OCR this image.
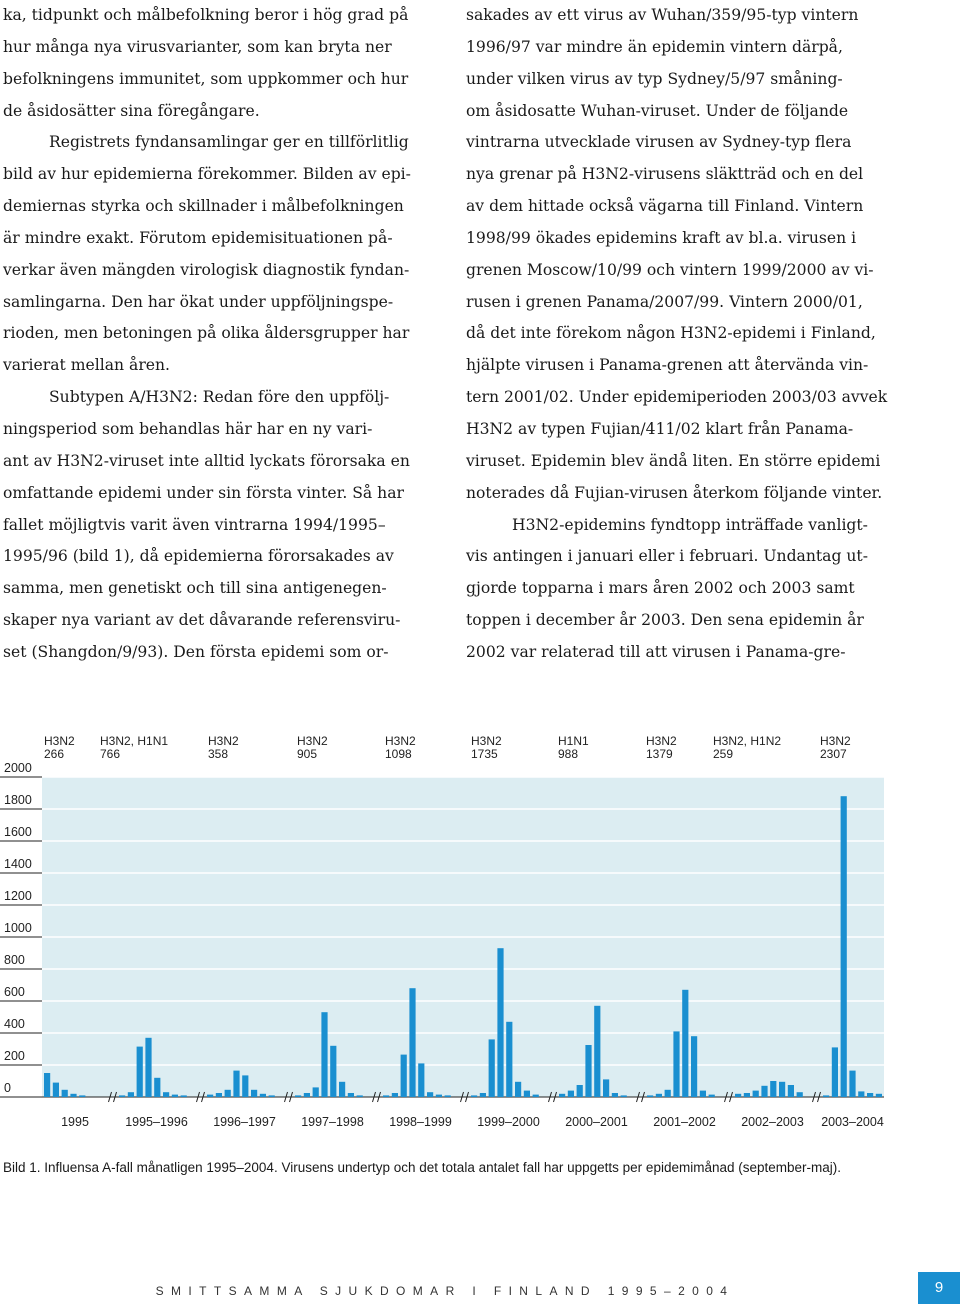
ka, tidpunkt och målbefolkning beror i hög grad på
hur många nya virusvarianter, som kan bryta ner
befolkningens immunitet, som uppkommer och hur
de åsidosätter sina föregångare.
Registrets fyndansamlingar ger en tillförlitlig
bild av hur epidemierna förekommer. Bilden av epi-
demiernas styrka och skillnader i målbefolkningen
är mindre exakt. Förutom epidemisituationen på-
verkar även mängden virologisk diagnostik fyndan-
samlingarna. Den har ökat under uppföljningspe-
rioden, men betoningen på olika åldersgrupper har
varierat mellan åren.
Subtypen A/H3N2: Redan före den uppfölj-
ningsperiod som behandlas här har en ny vari-
ant av H3N2-viruset inte alltid lyckats förorsaka en
omfattande epidemi under sin första vinter. Så har
fallet möjligtvis varit även vintrarna 1994/1995–
1995/96 (bild 1), då epidemierna förorsakades av
samma, men genetiskt och till sina antigenegen-
skaper nya variant av det dåvarande referensviru-
set (Shangdon/9/93). Den första epidemi som or-
sakades av ett virus av Wuhan/359/95-typ vintern
1996/97 var mindre än epidemin vintern därpå,
under vilken virus av typ Sydney/5/97 småning-
om åsidosatte Wuhan-viruset. Under de följande
vintrarna utvecklade virusen av Sydney-typ flera
nya grenar på H3N2-virusens släktträd och en del
av dem hittade också vägarna till Finland. Vintern
1998/99 ökades epidemins kraft av bl.a. virusen i
grenen Moscow/10/99 och vintern 1999/2000 av vi-
rusen i grenen Panama/2007/99. Vintern 2000/01,
då det inte förekom någon H3N2-epidemi i Finland,
hjälpte virusen i Panama-grenen att återvända vin-
tern 2001/02. Under epidemiperioden 2003/03 avvek
H3N2 av typen Fujian/411/02 klart från Panama-
viruset. Epidemin blev ändå liten. En större epidemi
noterades då Fujian-virusen återkom följande vinter.
H3N2-epidemins fyndtopp inträffade vanligt-
vis antingen i januari eller i februari. Undantag ut-
gjorde topparna i mars åren 2002 och 2003 samt
toppen i december år 2003. Den sena epidemin år
2002 var relaterad till att virusen i Panama-gre-
0
200
400
600
800
1000
1200
1400
1600
1800
2000
1995
H3N2
266
1995–1996
H3N2, H1N1
766
1996–1997
H3N2
358
1997–1998
H3N2
905
1998–1999
H3N2
1098
1999–2000
H3N2
1735
2000–2001
H1N1
988
2001–2002
H3N2
1379
2002–2003
H3N2, H1N2
259
2003–2004
H3N2
2307
Bild 1. Influensa A-fall månatligen 1995–2004. Virusens undertyp och det totala antalet fall har uppgetts per epidemimånad (september-maj).
SMITTSAMMA SJUKDOMAR I FINLAND 1995–2004	9
